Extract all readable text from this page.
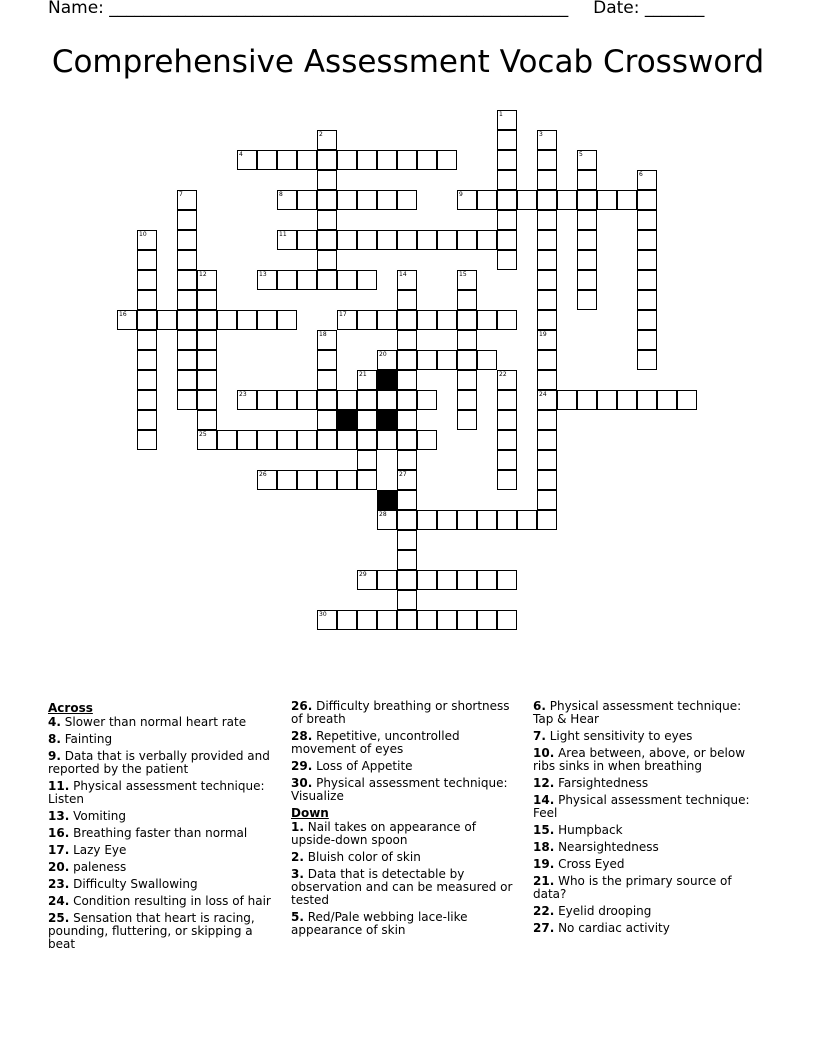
Name: ______________________________________________________ Date: _______
Comprehensive Assessment Vocab Crossword
1
2	3
4	5
6
7	8	9
10	11
12
25
13	14
27
15
16	17
18	19
24
20
21	22
23
26
28
29
30
Across
4. Slower than normal heart rate
8. Fainting
9. Data that is verbally provided and reported by the patient
11. Physical assessment technique: Listen
13. Vomiting
16. Breathing faster than normal
17. Lazy Eye
20. paleness
23. Difficulty Swallowing
24. Condition resulting in loss of hair
25. Sensation that heart is racing, pounding, fluttering, or skipping a beat
26. Difficulty breathing or shortness of breath
28. Repetitive, uncontrolled movement of eyes
29. Loss of Appetite
30. Physical assessment technique: Visualize
Down
1. Nail takes on appearance of upside-down spoon
2. Bluish color of skin
3. Data that is detectable by observation and can be measured or tested
5. Red/Pale webbing lace-like appearance of skin
6. Physical assessment technique: Tap & Hear
7. Light sensitivity to eyes
10. Area between, above, or below ribs sinks in when breathing
12. Farsightedness
14. Physical assessment technique: Feel
15. Humpback
18. Nearsightedness
19. Cross Eyed
21. Who is the primary source of data?
22. Eyelid drooping
27. No cardiac activity
